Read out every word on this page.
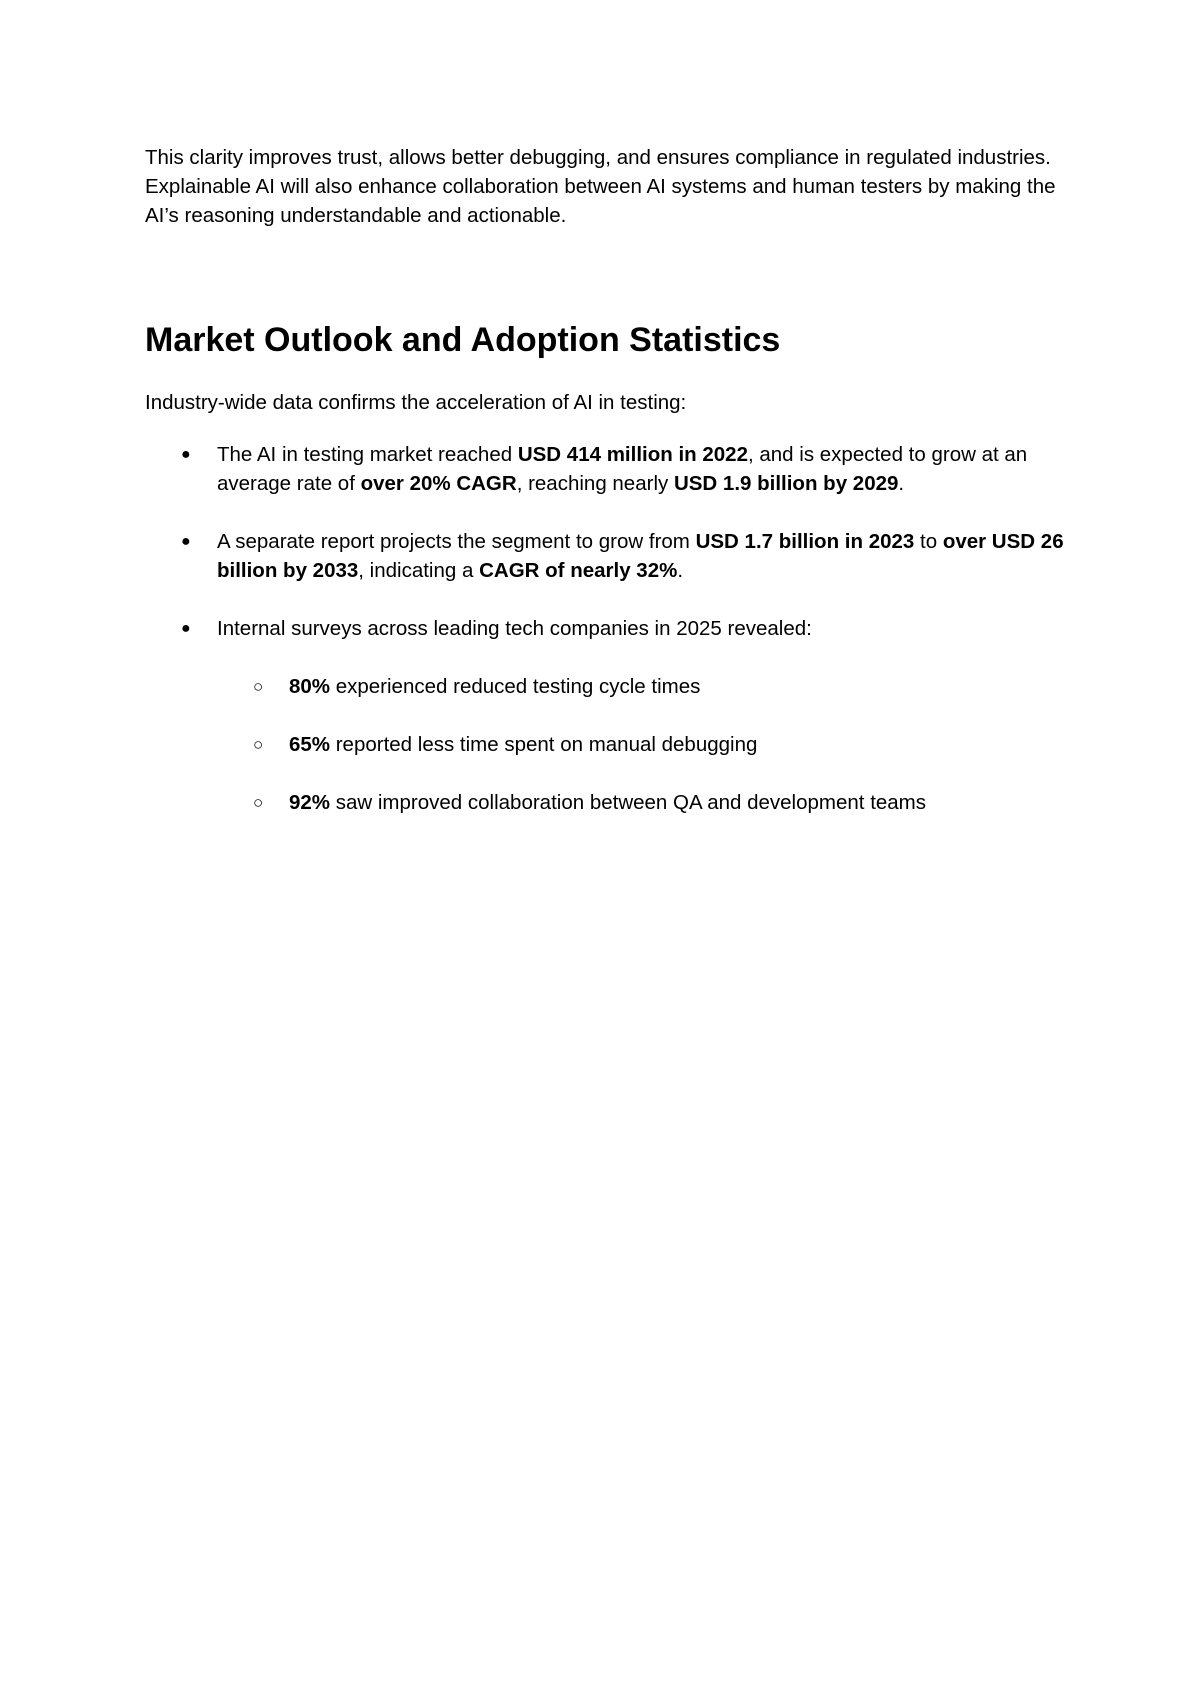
This clarity improves trust, allows better debugging, and ensures compliance in regulated industries. Explainable AI will also enhance collaboration between AI systems and human testers by making the AI’s reasoning understandable and actionable.

Market Outlook and Adoption Statistics

Industry-wide data confirms the acceleration of AI in testing:

● The AI in testing market reached USD 414 million in 2022, and is expected to grow at an average rate of over 20% CAGR, reaching nearly USD 1.9 billion by 2029.
● A separate report projects the segment to grow from USD 1.7 billion in 2023 to over USD 26 billion by 2033, indicating a CAGR of nearly 32%.
● Internal surveys across leading tech companies in 2025 revealed:
○ 80% experienced reduced testing cycle times
○ 65% reported less time spent on manual debugging
○ 92% saw improved collaboration between QA and development teams
